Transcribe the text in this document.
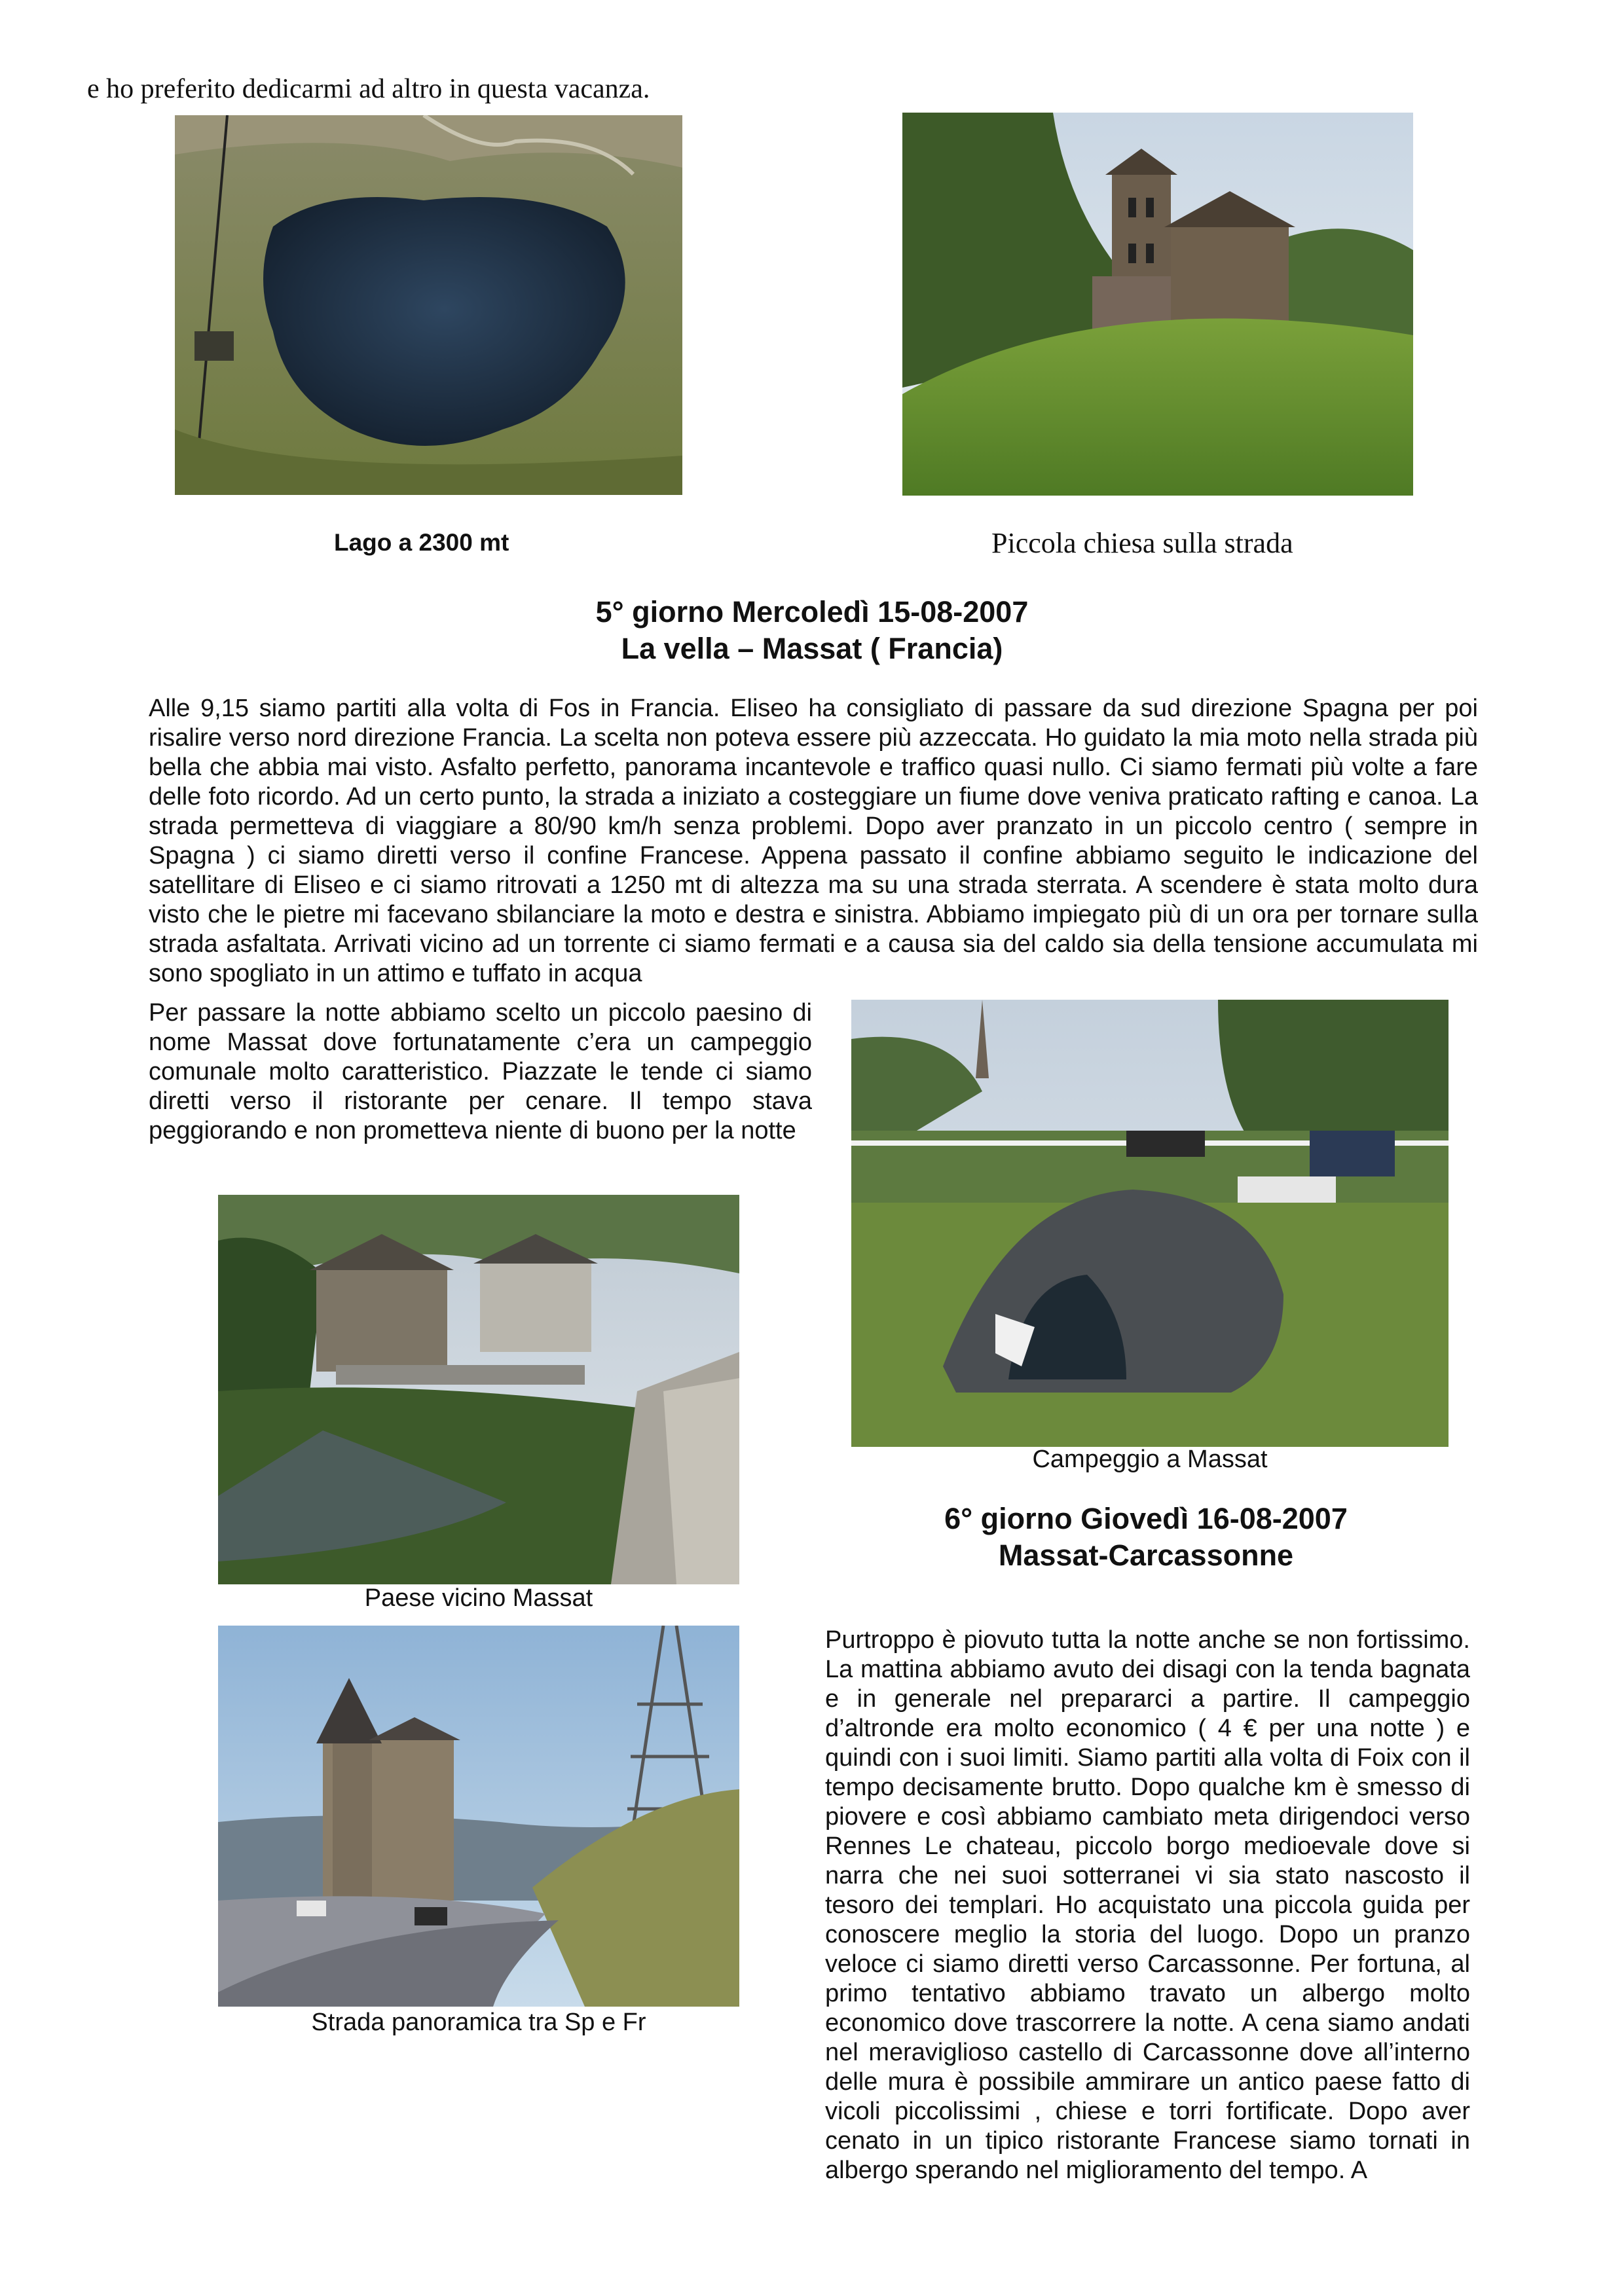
e ho preferito dedicarmi ad altro in questa vacanza.
Lago a 2300 mt	Piccola chiesa sulla strada
5° giorno Mercoledì 15-08-2007
La vella – Massat ( Francia)

Alle 9,15 siamo partiti alla volta di Fos in Francia. Eliseo ha consigliato di passare da sud direzione Spagna per poi risalire verso nord direzione Francia. La scelta non poteva essere più azzeccata. Ho guidato la mia moto nella strada più bella che abbia mai visto. Asfalto perfetto, panorama incantevole e traffico quasi nullo. Ci siamo fermati più volte a fare delle foto ricordo. Ad un certo punto, la strada a iniziato a costeggiare un fiume dove veniva praticato rafting e canoa. La strada permetteva di viaggiare a 80/90 km/h senza problemi. Dopo aver pranzato in un piccolo centro ( sempre in Spagna ) ci siamo diretti verso il confine Francese. Appena passato il confine abbiamo seguito le indicazione del satellitare di Eliseo e ci siamo ritrovati a 1250 mt di altezza ma su una strada sterrata. A scendere è stata molto dura visto che le pietre mi facevano sbilanciare la moto e destra e sinistra. Abbiamo impiegato più di un ora per tornare sulla strada asfaltata. Arrivati vicino ad un torrente ci siamo fermati e a causa sia del caldo sia della tensione accumulata mi sono spogliato in un attimo e tuffato in acqua

Per passare la notte abbiamo scelto un piccolo paesino di nome Massat dove fortunatamente c’era un campeggio comunale molto caratteristico. Piazzate le tende ci siamo diretti verso il ristorante per cenare. Il tempo stava peggiorando e non prometteva niente di buono per la notte

Campeggio a Massat
Paese vicino Massat
6° giorno Giovedì 16-08-2007
Massat-Carcassonne
Strada panoramica tra Sp e Fr

Purtroppo è piovuto tutta la notte anche se non fortissimo. La mattina abbiamo avuto dei disagi con la tenda bagnata e in generale nel prepararci a partire. Il campeggio d’altronde era molto economico ( 4 € per una notte ) e quindi con i suoi limiti. Siamo partiti alla volta di Foix con il tempo decisamente brutto. Dopo qualche km è smesso di piovere e così abbiamo cambiato meta dirigendoci verso Rennes Le chateau, piccolo borgo medioevale dove si narra che nei suoi sotterranei vi sia stato nascosto il tesoro dei templari. Ho acquistato una piccola guida per conoscere meglio la storia del luogo. Dopo un pranzo veloce ci siamo diretti verso Carcassonne. Per fortuna, al primo tentativo abbiamo travato un albergo molto economico dove trascorrere la notte. A cena siamo andati nel meraviglioso castello di Carcassonne dove all’interno delle mura è possibile ammirare un antico paese fatto di vicoli piccolissimi , chiese e torri fortificate. Dopo aver cenato in un tipico ristorante Francese siamo tornati in albergo sperando nel miglioramento del tempo. A
